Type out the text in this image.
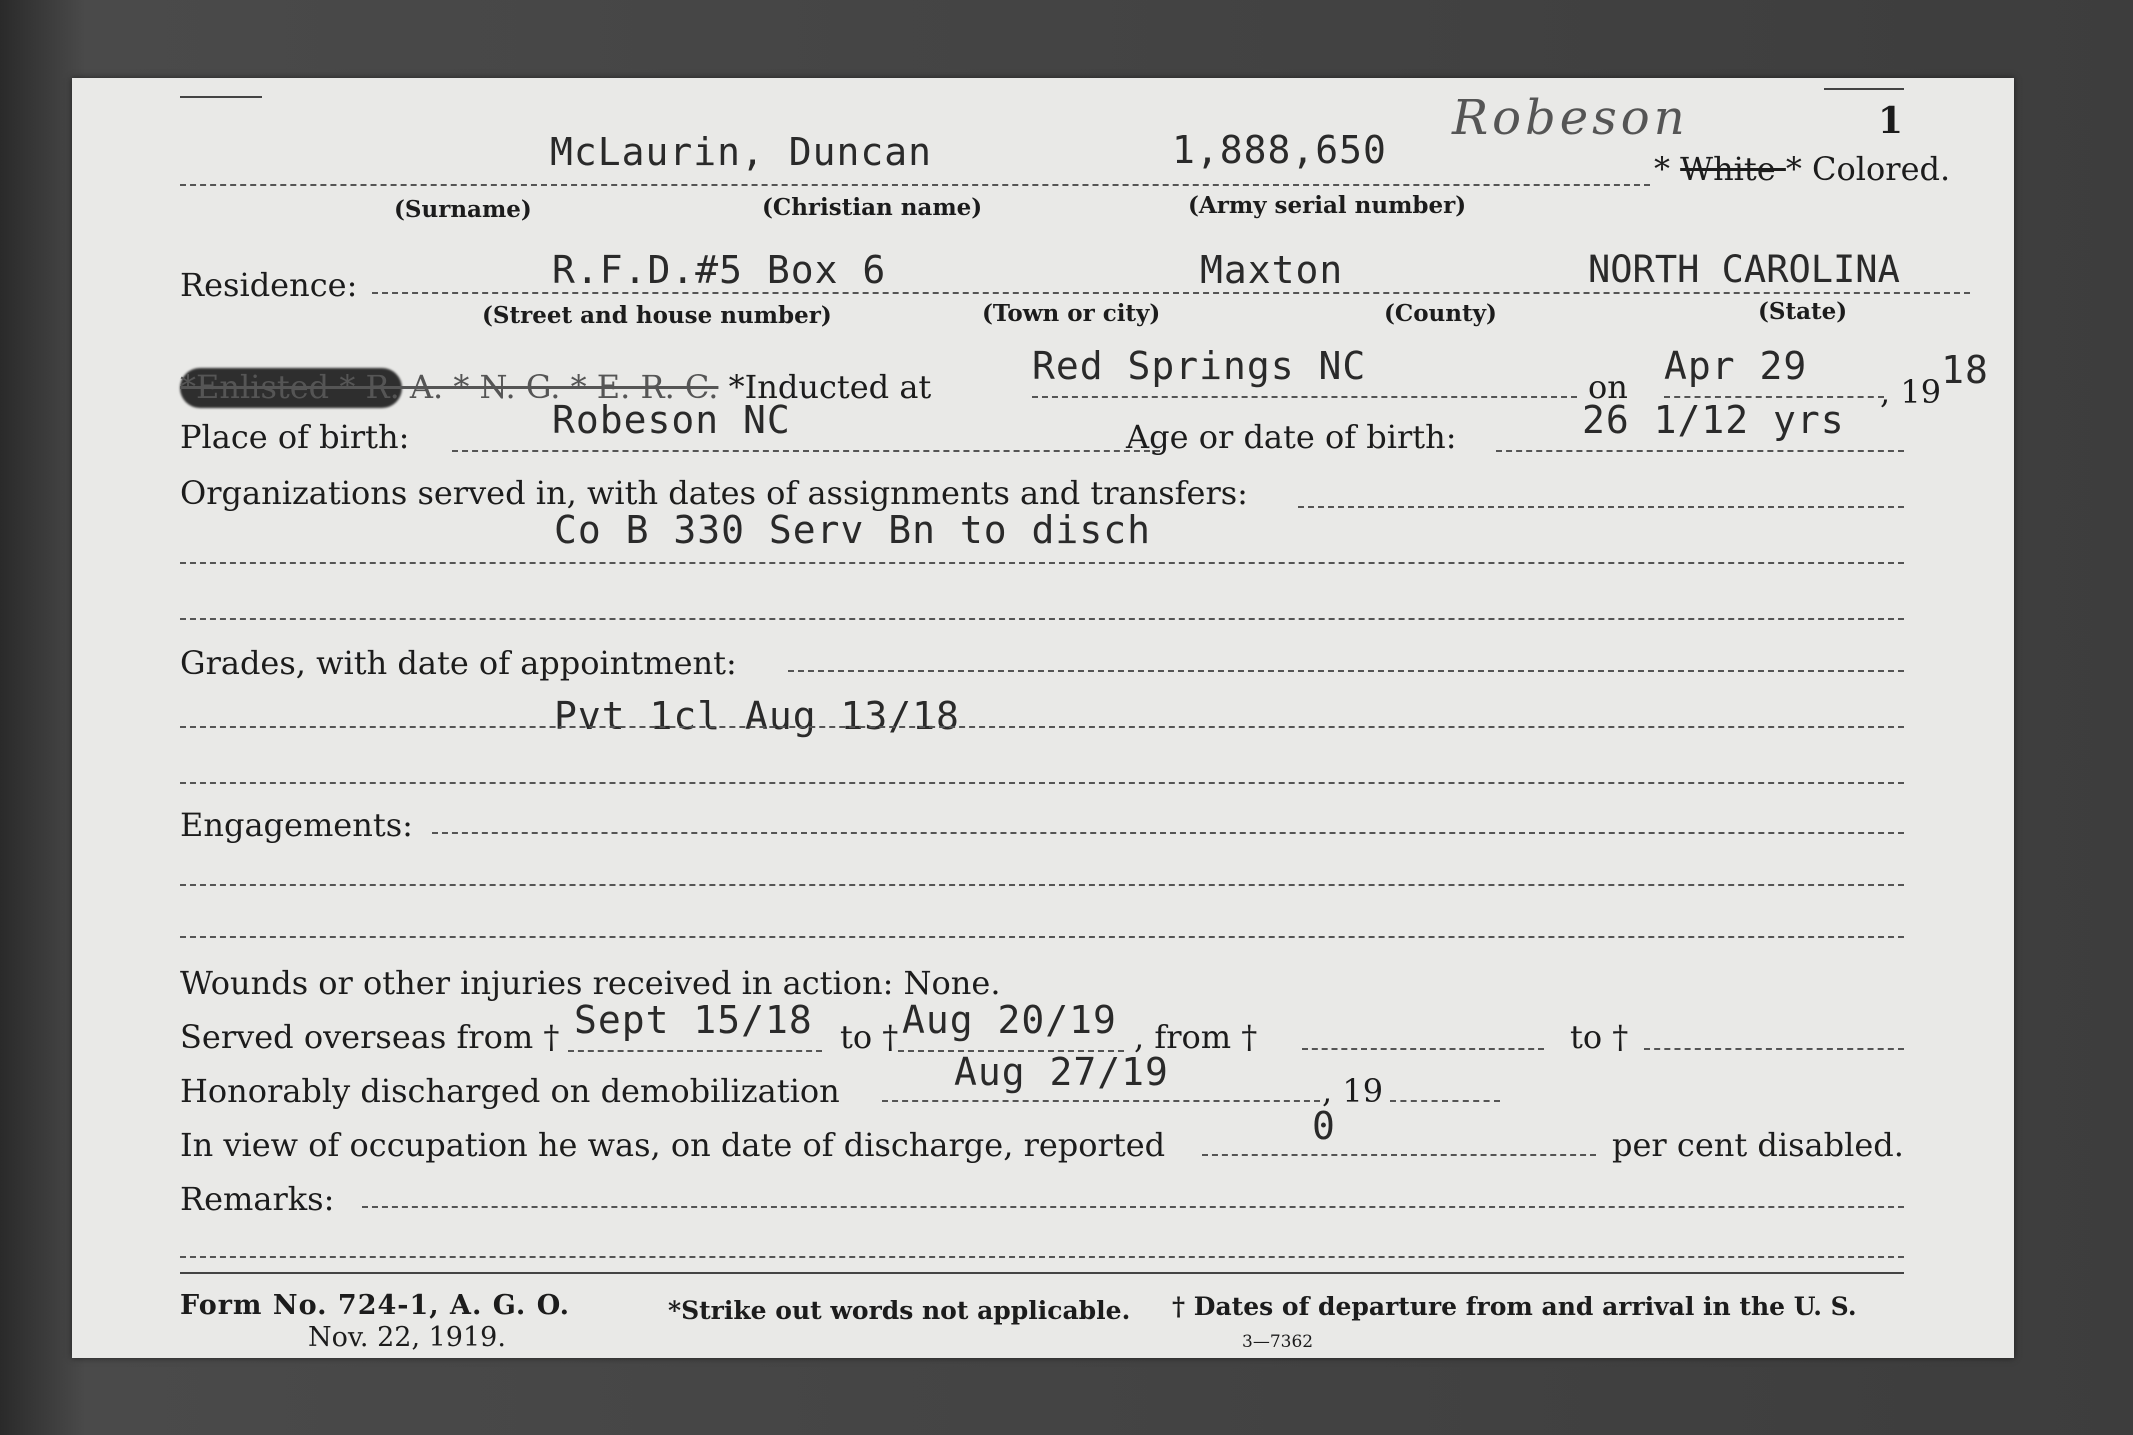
1
Robeson
McLaurin, Duncan	1,888,650	* White * Colored.
(Surname)	(Christian name)	(Army serial number)
Residence:	R.F.D.#5 Box 6	Maxton	NORTH CAROLINA
(Street and house number)	(Town or city)	(County)	(State)
*Enlisted * R. A. * N. G. * E. R. C. *Inducted at	Red Springs NC	on Apr 29
, 1918
Place of birth:	Robeson NC	Age or date of birth:	26 1/12 yrs
Organizations served in, with dates of assignments and transfers:
Co B 330 Serv Bn to disch
Grades, with date of appointment:
Pvt 1cl Aug 13/18
Engagements:
Wounds or other injuries received in action: None.
Served overseas from † Sept 15/18 to † Aug 20/19 , from †	to †
Honorably discharged on demobilization	Aug 27/19	, 19
In view of occupation he was, on date of discharge, reported	0	per cent disabled.
Remarks:
Form No. 724-1, A. G. O.
Nov. 22, 1919.
*Strike out words not applicable. † Dates of departure from and arrival in the U. S.
3—7362
